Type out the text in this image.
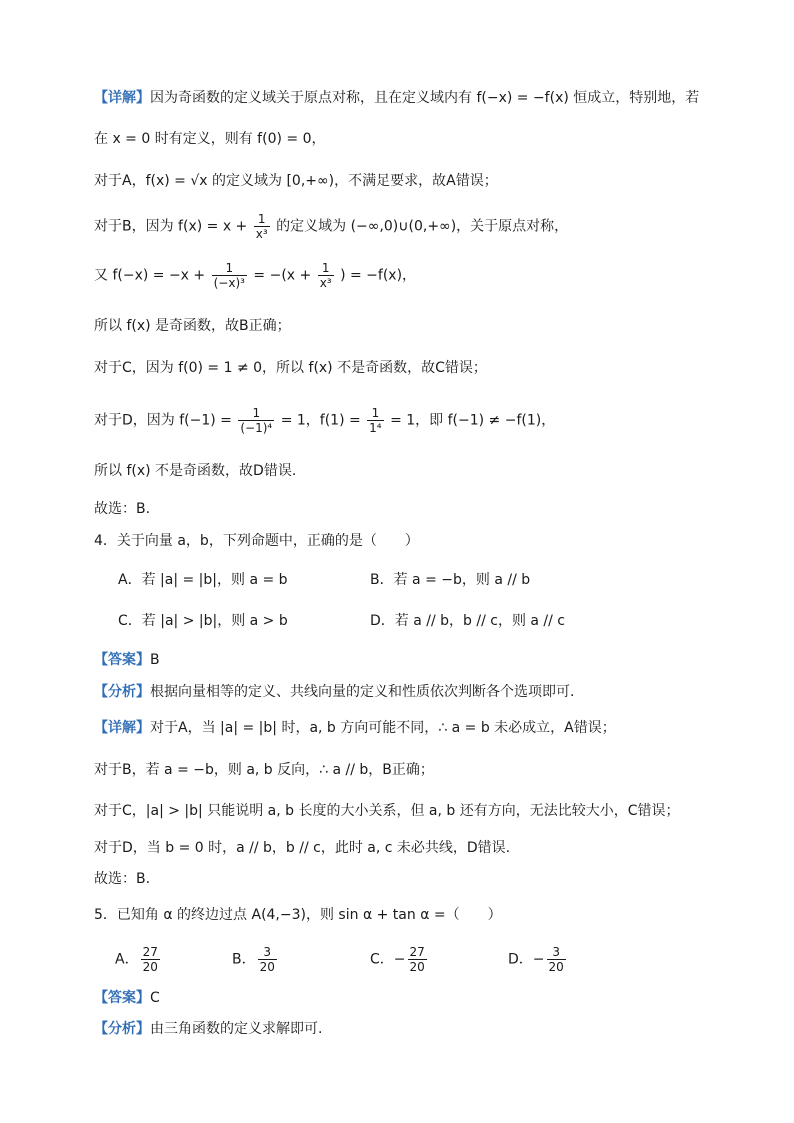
【详解】因为奇函数的定义域关于原点对称，且在定义域内有 f(−x) = −f(x) 恒成立，特别地，若
在 x = 0 时有定义，则有 f(0) = 0，
对于A，f(x) = √x 的定义域为 [0,+∞)，不满足要求，故A错误；
对于B，因为 $f(x) = x + \frac{1}{\text{x³}}$ 的定义域为 (−∞,0)∪(0,+∞)，关于原点对称，
又 $f(-x) = -x + \frac{1}{\text{(−x)³}} = -(x + \frac{1}{\text{x³}}$ ) = −f(x)，
所以 f(x) 是奇函数，故B正确；
对于C，因为 f(0) = 1 ≠ 0，所以 f(x) 不是奇函数，故C错误；
对于D，因为 $f(-1) = \frac{1}{\text{(−1)⁴}} = 1$，$f(1) = \frac{1}{\text{1⁴}} = 1$，即 f(−1) ≠ −f(1)，
所以 f(x) 不是奇函数，故D错误.
故选：B.
4．关于向量 a，b，下列命题中，正确的是（　　）
A．若 |a| = |b|，则 a = b	B．若 a = −b，则 a // b
C．若 |a| > |b|，则 a > b	D．若 a // b，b // c，则 a // c
【答案】B
【分析】根据向量相等的定义、共线向量的定义和性质依次判断各个选项即可.
【详解】对于A，当 |a| = |b| 时，a, b 方向可能不同，∴ a = b 未必成立，A错误；
对于B，若 a = −b，则 a, b 反向，∴ a // b，B正确；
对于C，|a| > |b| 只能说明 a, b 长度的大小关系，但 a, b 还有方向，无法比较大小，C错误；
对于D，当 b = 0 时，a // b，b // c，此时 a, c 未必共线，D错误.
故选：B.
5．已知角 α 的终边过点 A(4,−3)，则 sin α + tan α =（　　）
A． $\frac{27}{20}$	B． $\frac{3}{20}$	C．− $\frac{27}{20}$	D．− $\frac{3}{20}$
【答案】C
【分析】由三角函数的定义求解即可.
